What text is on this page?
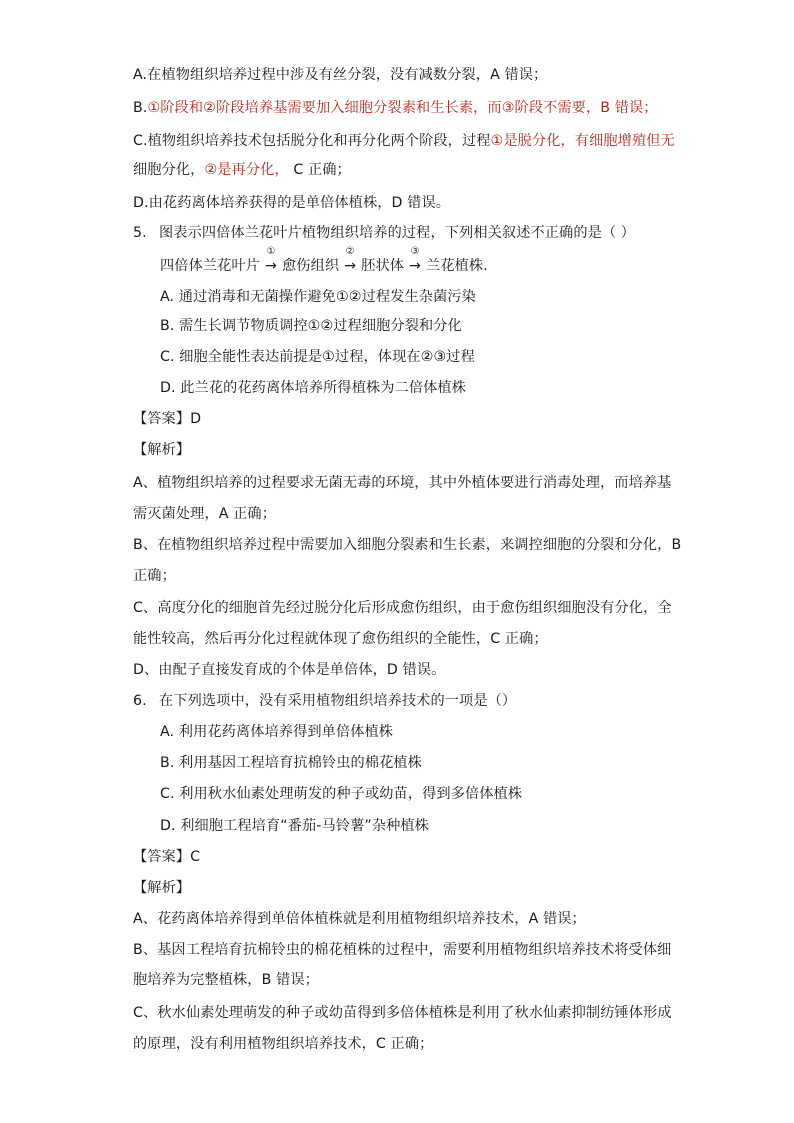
A.在植物组织培养过程中涉及有丝分裂，没有减数分裂，A 错误；

B.①阶段和②阶段培养基需要加入细胞分裂素和生长素，而③阶段不需要，B 错误；

C.植物组织培养技术包括脱分化和再分化两个阶段，过程①是脱分化，有细胞增殖但无

细胞分化，②是再分化， C 正确；

D.由花药离体培养获得的是单倍体植株，D 错误。

5. 图表示四倍体兰花叶片植物组织培养的过程，下列相关叙述不正确的是（ ）

四倍体兰花叶片
①
→ 愈伤组织
②
→ 胚状体
③
→ 兰花植株.

A. 通过消毒和无菌操作避免①②过程发生杂菌污染

B. 需生长调节物质调控①②过程细胞分裂和分化

C. 细胞全能性表达前提是①过程，体现在②③过程

D. 此兰花的花药离体培养所得植株为二倍体植株

【答案】D

【解析】

A、植物组织培养的过程要求无菌无毒的环境，其中外植体要进行消毒处理，而培养基

需灭菌处理，A 正确；

B、在植物组织培养过程中需要加入细胞分裂素和生长素，来调控细胞的分裂和分化，B

正确；

C、高度分化的细胞首先经过脱分化后形成愈伤组织，由于愈伤组织细胞没有分化，全

能性较高，然后再分化过程就体现了愈伤组织的全能性，C 正确；

D、由配子直接发育成的个体是单倍体，D 错误。

6. 在下列选项中，没有采用植物组织培养技术的一项是（）

A. 利用花药离体培养得到单倍体植株

B. 利用基因工程培育抗棉铃虫的棉花植株

C. 利用秋水仙素处理萌发的种子或幼苗，得到多倍体植株

D. 利细胞工程培育“番茄-马铃薯”杂种植株

【答案】C

【解析】

A、花药离体培养得到单倍体植株就是利用植物组织培养技术，A 错误；

B、基因工程培育抗棉铃虫的棉花植株的过程中，需要利用植物组织培养技术将受体细

胞培养为完整植株，B 错误；

C、秋水仙素处理萌发的种子或幼苗得到多倍体植株是利用了秋水仙素抑制纺锤体形成

的原理，没有利用植物组织培养技术，C 正确；
